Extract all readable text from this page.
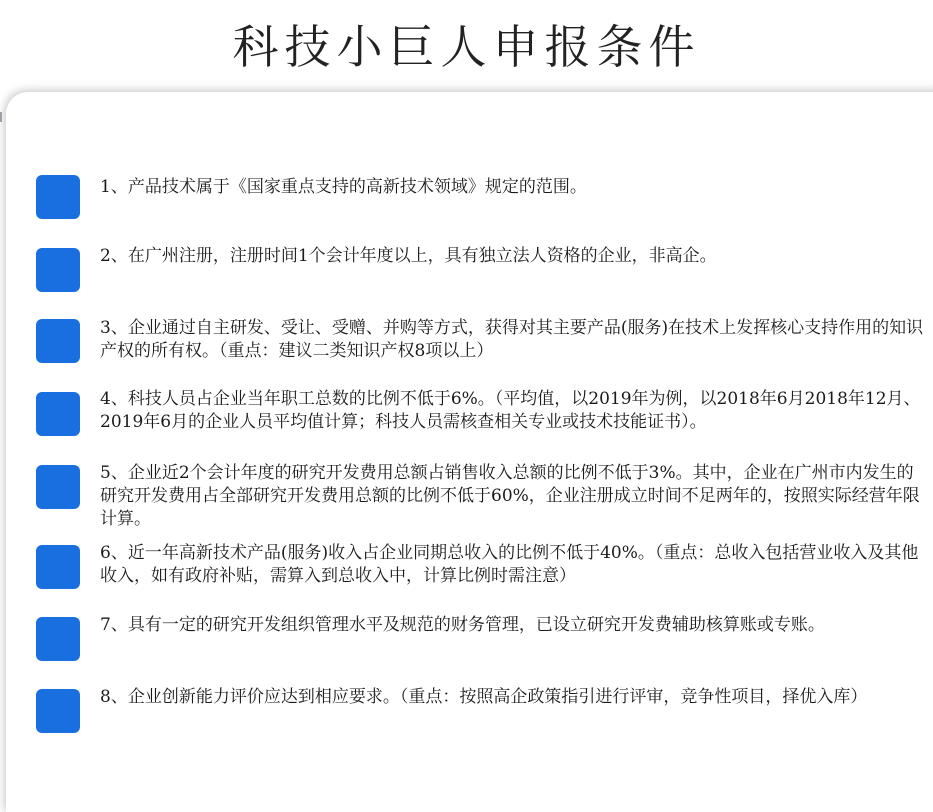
科技小巨人申报条件
1、产品技术属于《国家重点支持的高新技术领域》规定的范围。
2、在广州注册，注册时间1个会计年度以上，具有独立法人资格的企业，非高企。
3、企业通过自主研发、受让、受赠、并购等方式，获得对其主要产品(服务)在技术上发挥核心支持作用的知识产权的所有权。（重点：建议二类知识产权8项以上）
4、科技人员占企业当年职工总数的比例不低于6%。（平均值，以2019年为例，以2018年6月2018年12月、2019年6月的企业人员平均值计算；科技人员需核查相关专业或技术技能证书）。
5、企业近2个会计年度的研究开发费用总额占销售收入总额的比例不低于3%。其中，企业在广州市内发生的研究开发费用占全部研究开发费用总额的比例不低于60%，企业注册成立时间不足两年的，按照实际经营年限计算。
6、近一年高新技术产品(服务)收入占企业同期总收入的比例不低于40%。（重点：总收入包括营业收入及其他收入，如有政府补贴，需算入到总收入中，计算比例时需注意）
7、具有一定的研究开发组织管理水平及规范的财务管理，已设立研究开发费辅助核算账或专账。
8、企业创新能力评价应达到相应要求。（重点：按照高企政策指引进行评审，竞争性项目，择优入库）
